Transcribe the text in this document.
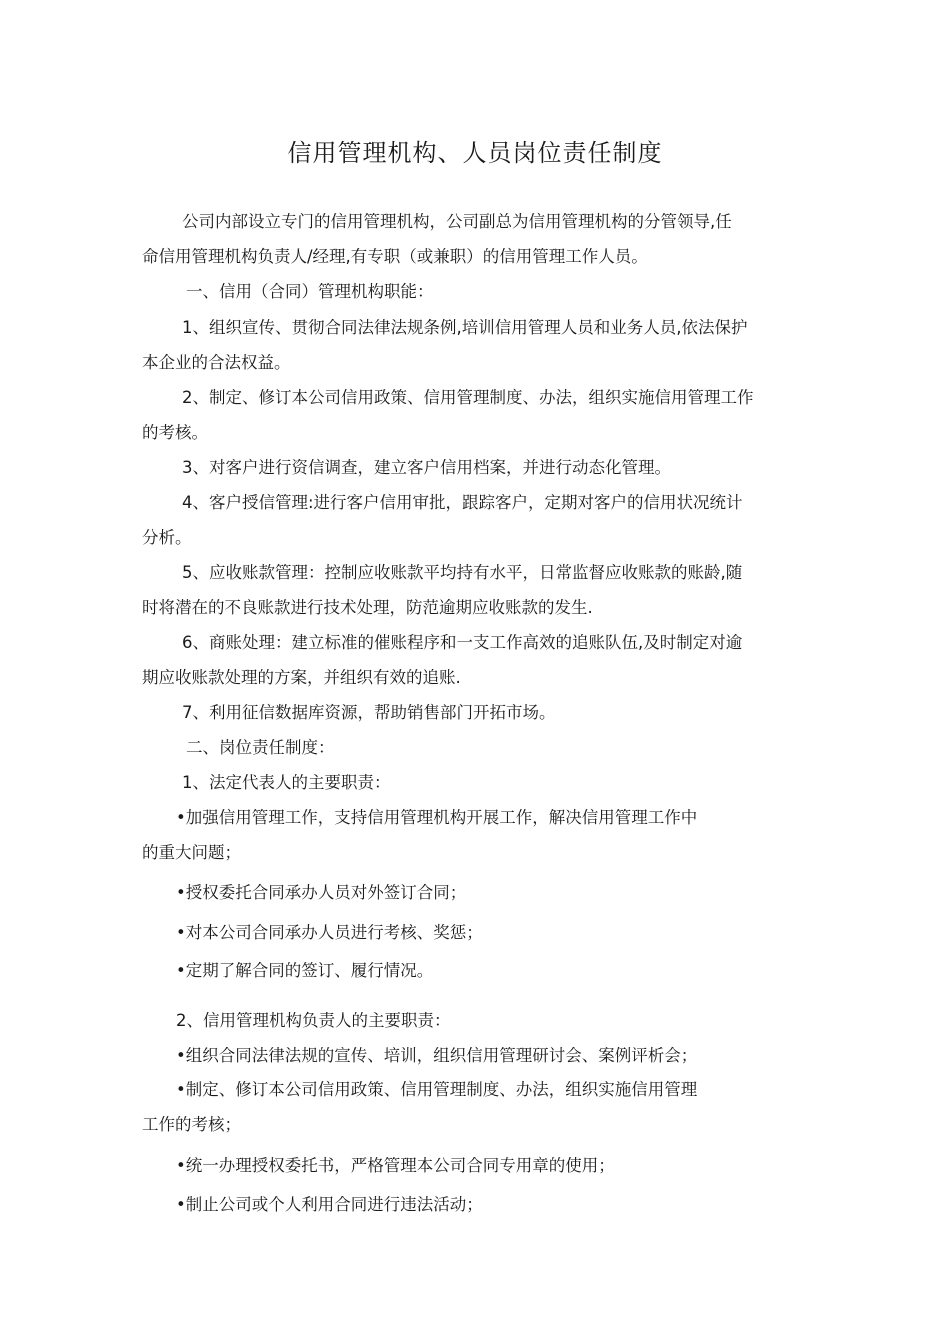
信用管理机构、人员岗位责任制度
公司内部设立专门的信用管理机构，公司副总为信用管理机构的分管领导,任
命信用管理机构负责人/经理,有专职（或兼职）的信用管理工作人员。
一、信用（合同）管理机构职能：
1、组织宣传、贯彻合同法律法规条例,培训信用管理人员和业务人员,依法保护
本企业的合法权益。
2、制定、修订本公司信用政策、信用管理制度、办法，组织实施信用管理工作
的考核。
3、对客户进行资信调查，建立客户信用档案，并进行动态化管理。
4、客户授信管理:进行客户信用审批，跟踪客户，定期对客户的信用状况统计
分析。
5、应收账款管理：控制应收账款平均持有水平，日常监督应收账款的账龄,随
时将潜在的不良账款进行技术处理，防范逾期应收账款的发生.
6、商账处理：建立标准的催账程序和一支工作高效的追账队伍,及时制定对逾
期应收账款处理的方案，并组织有效的追账.
7、利用征信数据库资源，帮助销售部门开拓市场。
二、岗位责任制度：
1、法定代表人的主要职责：
•加强信用管理工作，支持信用管理机构开展工作，解决信用管理工作中
的重大问题；
•授权委托合同承办人员对外签订合同；
•对本公司合同承办人员进行考核、奖惩；
•定期了解合同的签订、履行情况。
2、信用管理机构负责人的主要职责：
•组织合同法律法规的宣传、培训，组织信用管理研讨会、案例评析会；
•制定、修订本公司信用政策、信用管理制度、办法，组织实施信用管理
工作的考核；
•统一办理授权委托书，严格管理本公司合同专用章的使用；
•制止公司或个人利用合同进行违法活动；
